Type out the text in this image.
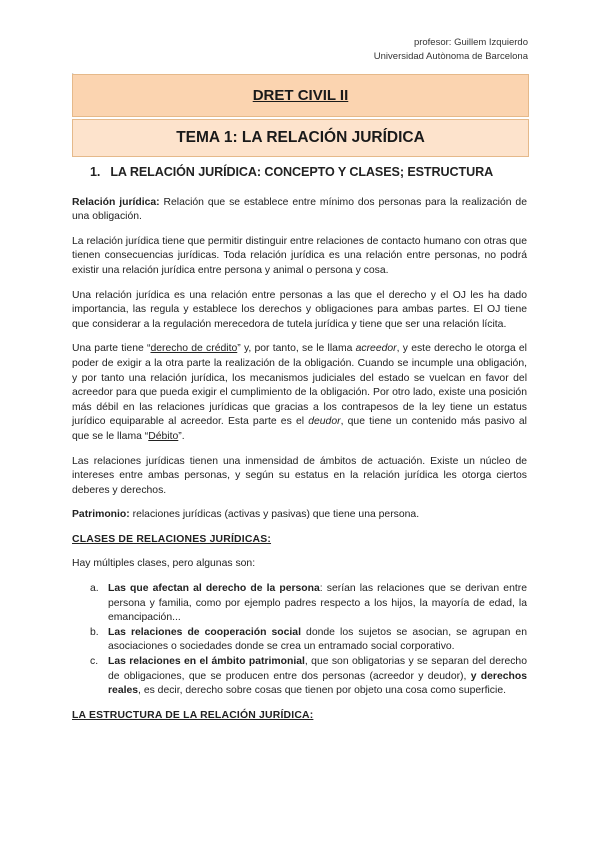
profesor: Guillem Izquierdo
Universidad Autònoma de Barcelona
.
DRET CIVIL II
TEMA 1: LA RELACIÓN JURÍDICA
1. LA RELACIÓN JURÍDICA: CONCEPTO Y CLASES; ESTRUCTURA

Relación jurídica: Relación que se establece entre mínimo dos personas para la realización de una obligación.

La relación jurídica tiene que permitir distinguir entre relaciones de contacto humano con otras que tienen consecuencias jurídicas. Toda relación jurídica es una relación entre personas, no podrá existir una relación jurídica entre persona y animal o persona y cosa.

Una relación jurídica es una relación entre personas a las que el derecho y el OJ les ha dado importancia, las regula y establece los derechos y obligaciones para ambas partes. El OJ tiene que considerar a la regulación merecedora de tutela jurídica y tiene que ser una relación lícita.

Una parte tiene “derecho de crédito” y, por tanto, se le llama acreedor, y este derecho le otorga el poder de exigir a la otra parte la realización de la obligación. Cuando se incumple una obligación, y por tanto una relación jurídica, los mecanismos judiciales del estado se vuelcan en favor del acreedor para que pueda exigir el cumplimiento de la obligación. Por otro lado, existe una posición más débil en las relaciones jurídicas que gracias a los contrapesos de la ley tiene un estatus jurídico equiparable al acreedor. Esta parte es el deudor, que tiene un contenido más pasivo al que se le llama “Débito”.

Las relaciones jurídicas tienen una inmensidad de ámbitos de actuación. Existe un núcleo de intereses entre ambas personas, y según su estatus en la relación jurídica les otorga ciertos deberes y derechos.

Patrimonio: relaciones jurídicas (activas y pasivas) que tiene una persona.

CLASES DE RELACIONES JURÍDICAS:

Hay múltiples clases, pero algunas son:

a. Las que afectan al derecho de la persona: serían las relaciones que se derivan entre persona y familia, como por ejemplo padres respecto a los hijos, la mayoría de edad, la emancipación...
b. Las relaciones de cooperación social donde los sujetos se asocian, se agrupan en asociaciones o sociedades donde se crea un entramado social corporativo.
c. Las relaciones en el ámbito patrimonial, que son obligatorias y se separan del derecho de obligaciones, que se producen entre dos personas (acreedor y deudor), y derechos reales, es decir, derecho sobre cosas que tienen por objeto una cosa como superficie.
LA ESTRUCTURA DE LA RELACIÓN JURÍDICA:
